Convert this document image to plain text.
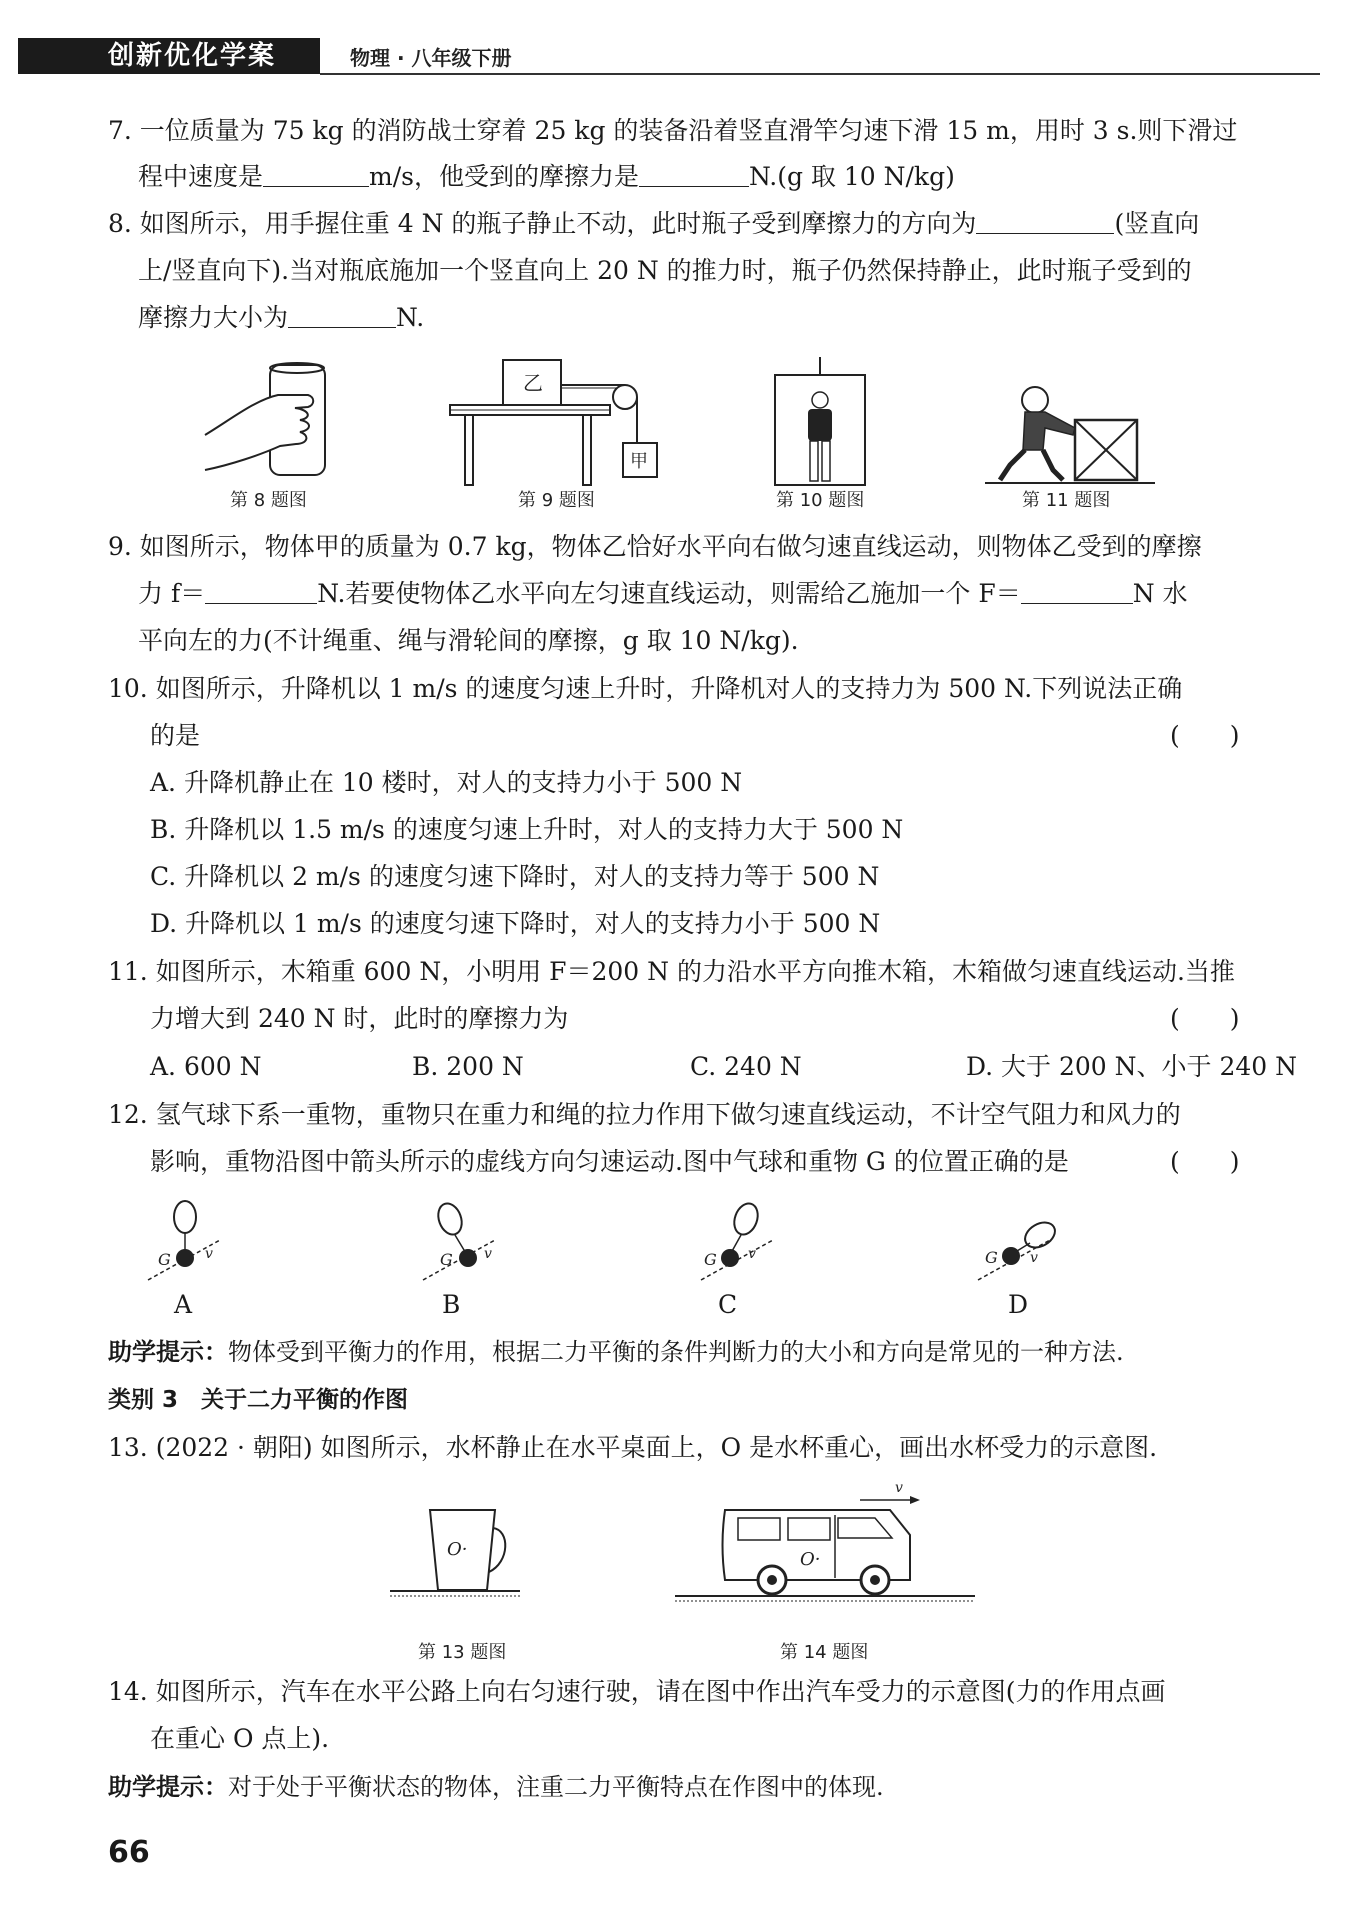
创新优化学案	物理 · 八年级下册
7. 一位质量为 75 kg 的消防战士穿着 25 kg 的装备沿着竖直滑竿匀速下滑 15 m，用时 3 s.则下滑过
程中速度是	m/s，他受到的摩擦力是	N.(g 取 10 N/kg)
8. 如图所示，用手握住重 4 N 的瓶子静止不动，此时瓶子受到摩擦力的方向为	(竖直向
上/竖直向下).当对瓶底施加一个竖直向上 20 N 的推力时，瓶子仍然保持静止，此时瓶子受到的
摩擦力大小为	N.
第 8 题图
乙
甲
第 9 题图	第 10 题图	第 11 题图
9. 如图所示，物体甲的质量为 0.7 kg，物体乙恰好水平向右做匀速直线运动，则物体乙受到的摩擦
力 f＝	N.若要使物体乙水平向左匀速直线运动，则需给乙施加一个 F＝	N 水
平向左的力(不计绳重、绳与滑轮间的摩擦，g 取 10 N/kg).
10. 如图所示，升降机以 1 m/s 的速度匀速上升时，升降机对人的支持力为 500 N.下列说法正确
的是	(　　)
A. 升降机静止在 10 楼时，对人的支持力小于 500 N
B. 升降机以 1.5 m/s 的速度匀速上升时，对人的支持力大于 500 N
C. 升降机以 2 m/s 的速度匀速下降时，对人的支持力等于 500 N
D. 升降机以 1 m/s 的速度匀速下降时，对人的支持力小于 500 N
11. 如图所示，木箱重 600 N，小明用 F＝200 N 的力沿水平方向推木箱，木箱做匀速直线运动.当推
力增大到 240 N 时，此时的摩擦力为	(　　)
A. 600 N	B. 200 N	C. 240 N	D. 大于 200 N、小于 240 N
12. 氢气球下系一重物，重物只在重力和绳的拉力作用下做匀速直线运动，不计空气阻力和风力的
影响，重物沿图中箭头所示的虚线方向匀速运动.图中气球和重物 G 的位置正确的是	(　　)
G v
A
G v
B
G v
C
G v
D
助学提示：物体受到平衡力的作用，根据二力平衡的条件判断力的大小和方向是常见的一种方法.
类别 3　关于二力平衡的作图
13. (2022 · 朝阳) 如图所示，水杯静止在水平桌面上，O 是水杯重心，画出水杯受力的示意图.
O·
第 13 题图
v
O·
第 14 题图
14. 如图所示，汽车在水平公路上向右匀速行驶，请在图中作出汽车受力的示意图(力的作用点画
在重心 O 点上).
助学提示：对于处于平衡状态的物体，注重二力平衡特点在作图中的体现.
66
